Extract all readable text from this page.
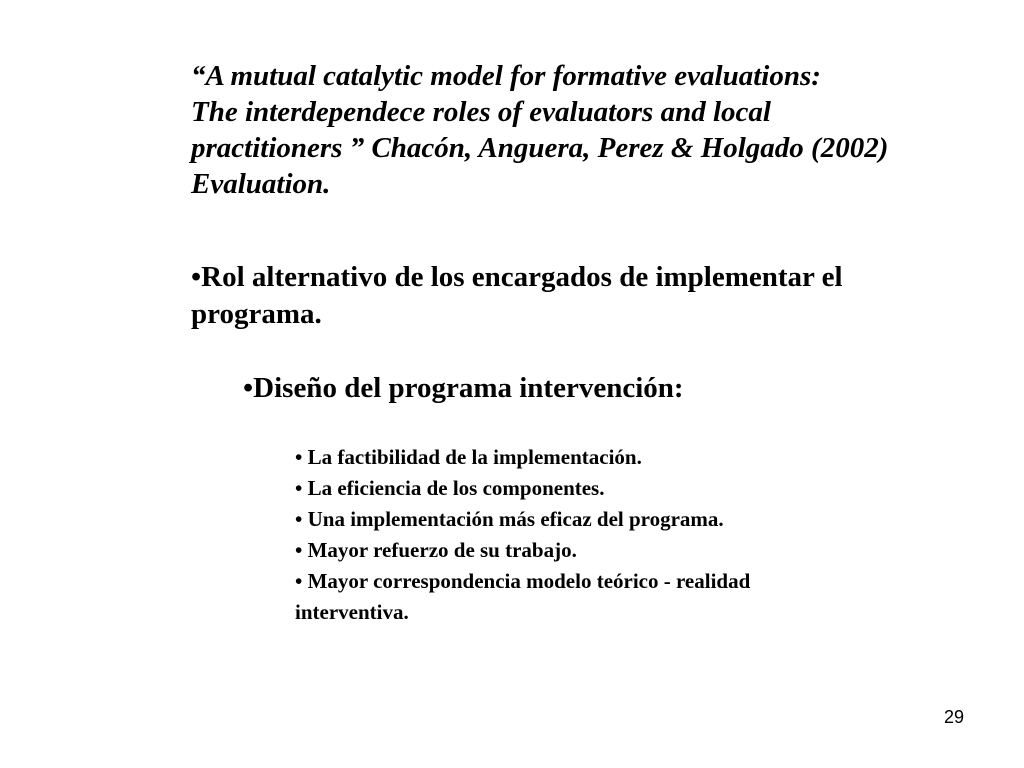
“A mutual catalytic model for formative evaluations:
The interdependece roles of evaluators and local
practitioners ” Chacón, Anguera, Perez & Holgado (2002)
Evaluation.
•Rol alternativo de los encargados de implementar el
programa.
•Diseño del programa intervención:
• La factibilidad de la implementación.
• La eficiencia de los componentes.
• Una implementación más eficaz del programa.
• Mayor refuerzo de su trabajo.
• Mayor correspondencia modelo teórico - realidad
interventiva.
29
